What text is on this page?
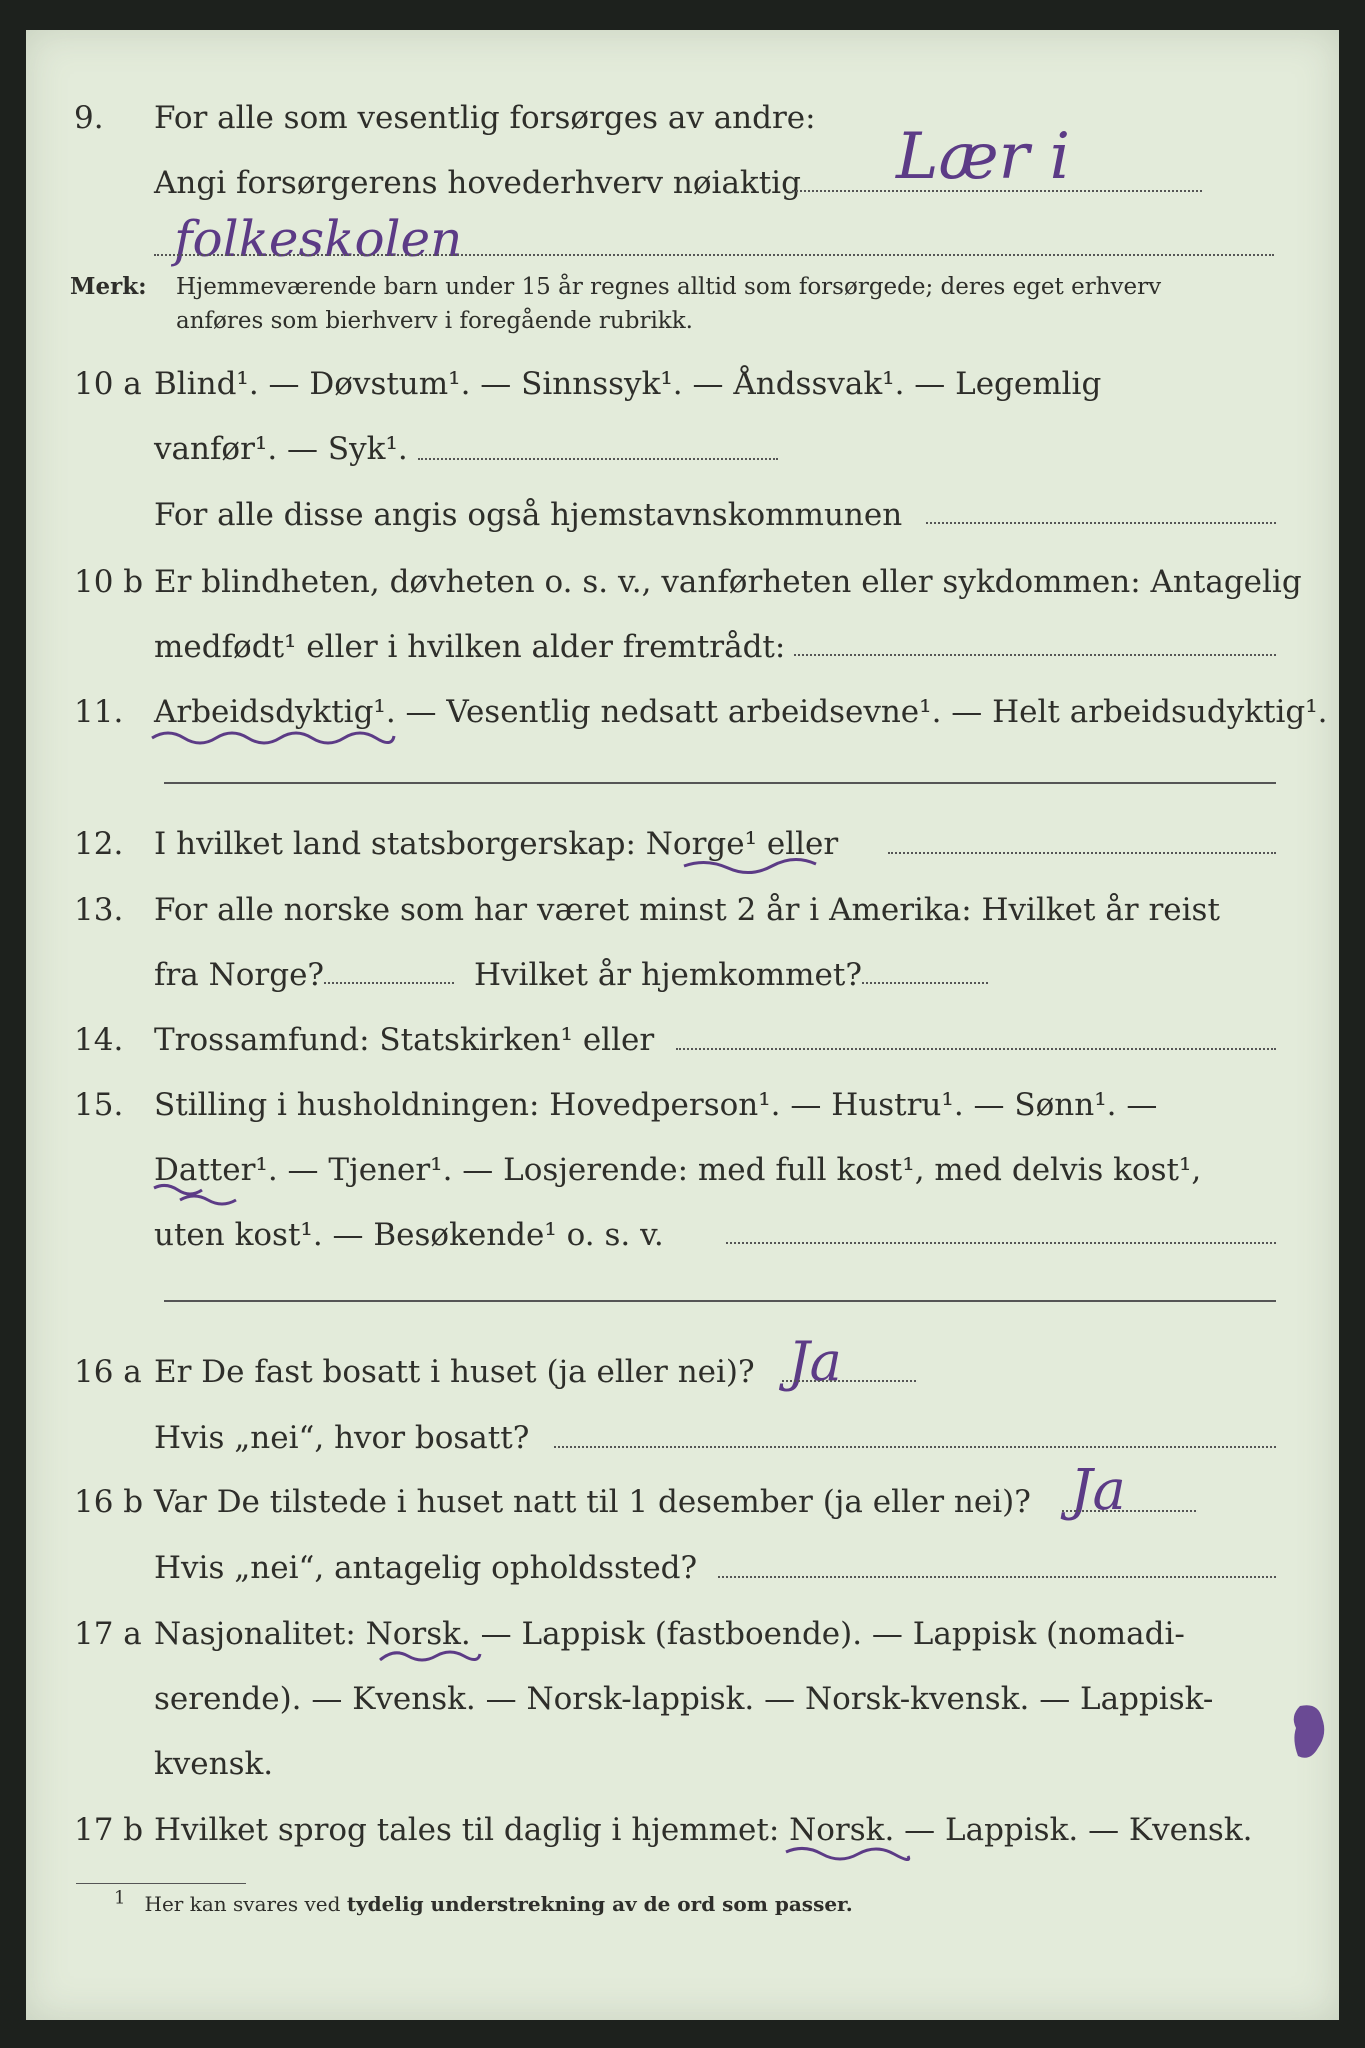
9. For alle som vesentlig forsørges av andre:
Angi forsørgerens hovederhverv nøiaktig Lær i
folkeskolen
Merk: Hjemmeværende barn under 15 år regnes alltid som forsørgede; deres eget erhverv
anføres som bierhverv i foregående rubrikk.
10 a Blind¹. — Døvstum¹. — Sinnssyk¹. — Åndssvak¹. — Legemlig
vanfør¹. — Syk¹.
For alle disse angis også hjemstavnskommunen
10 b Er blindheten, døvheten o. s. v., vanførheten eller sykdommen: Antagelig
medfødt¹ eller i hvilken alder fremtrådt:
11. Arbeidsdyktig¹. — Vesentlig nedsatt arbeidsevne¹. — Helt arbeidsudyktig¹.
12. I hvilket land statsborgerskap: Norge¹ eller
13. For alle norske som har været minst 2 år i Amerika: Hvilket år reist
fra Norge?	Hvilket år hjemkommet?
14. Trossamfund: Statskirken¹ eller
15. Stilling i husholdningen: Hovedperson¹. — Hustru¹. — Sønn¹. —
Datter¹. — Tjener¹. — Losjerende: med full kost¹, med delvis kost¹,
uten kost¹. — Besøkende¹ o. s. v.
16 a Er De fast bosatt i huset (ja eller nei)? Ja
Hvis „nei“, hvor bosatt?
16 b Var De tilstede i huset natt til 1 desember (ja eller nei)? Ja
Hvis „nei“, antagelig opholdssted?
17 a Nasjonalitet: Norsk. — Lappisk (fastboende). — Lappisk (nomadi-
serende). — Kvensk. — Norsk-lappisk. — Norsk-kvensk. — Lappisk-
kvensk.
17 b Hvilket sprog tales til daglig i hjemmet: Norsk. — Lappisk. — Kvensk.
1 Her kan svares ved tydelig understrekning av de ord som passer.
